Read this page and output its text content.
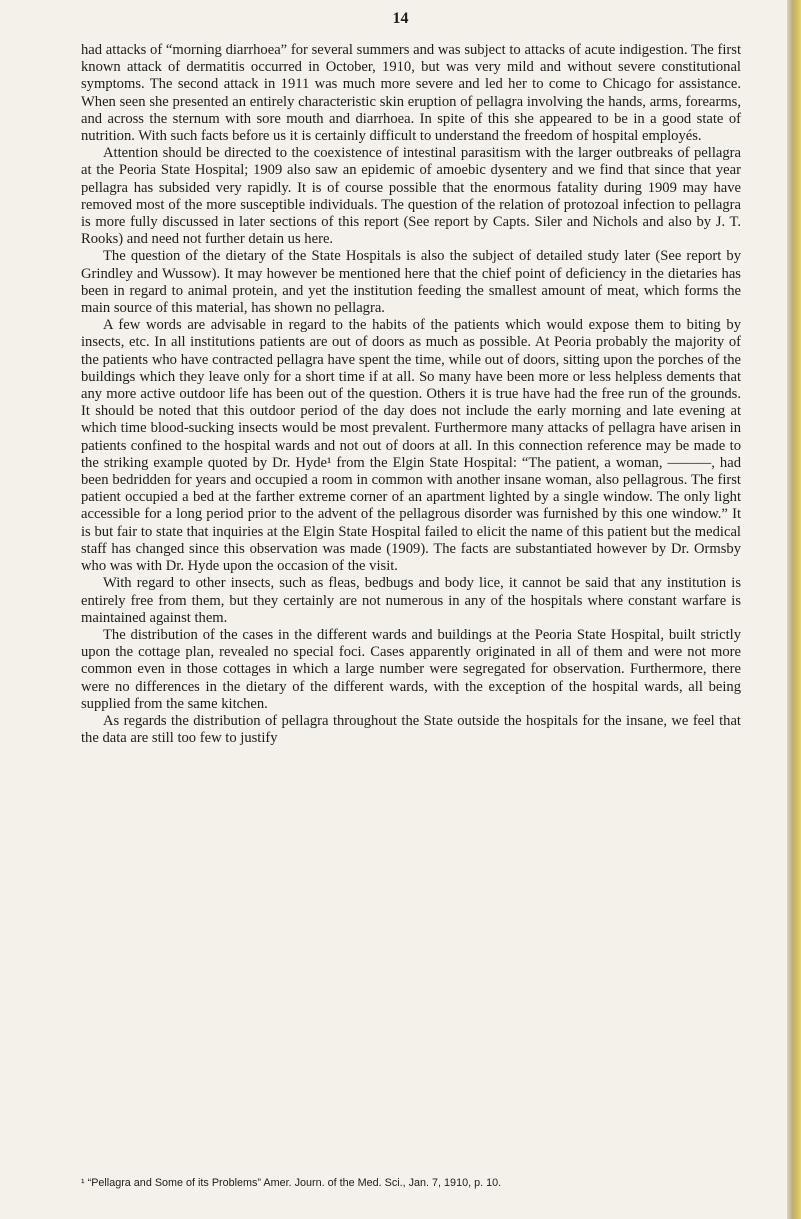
14

had attacks of “morning diarrhoea” for several summers and was subject to attacks of acute indigestion. The first known attack of dermatitis occurred in October, 1910, but was very mild and without severe constitutional symptoms. The second attack in 1911 was much more severe and led her to come to Chicago for assistance. When seen she presented an entirely characteristic skin eruption of pellagra involving the hands, arms, forearms, and across the sternum with sore mouth and diarrhoea. In spite of this she appeared to be in a good state of nutrition. With such facts before us it is certainly difficult to understand the freedom of hospital employés.

Attention should be directed to the coexistence of intestinal parasitism with the larger outbreaks of pellagra at the Peoria State Hospital; 1909 also saw an epidemic of amoebic dysentery and we find that since that year pellagra has subsided very rapidly. It is of course possible that the enormous fatality during 1909 may have removed most of the more susceptible individuals. The question of the relation of protozoal infection to pellagra is more fully discussed in later sections of this report (See report by Capts. Siler and Nichols and also by J. T. Rooks) and need not further detain us here.

The question of the dietary of the State Hospitals is also the subject of detailed study later (See report by Grindley and Wussow). It may however be mentioned here that the chief point of deficiency in the dietaries has been in regard to animal protein, and yet the institution feeding the smallest amount of meat, which forms the main source of this material, has shown no pellagra.

A few words are advisable in regard to the habits of the patients which would expose them to biting by insects, etc. In all institutions patients are out of doors as much as possible. At Peoria probably the majority of the patients who have contracted pellagra have spent the time, while out of doors, sitting upon the porches of the buildings which they leave only for a short time if at all. So many have been more or less helpless dements that any more active outdoor life has been out of the question. Others it is true have had the free run of the grounds. It should be noted that this outdoor period of the day does not include the early morning and late evening at which time blood-sucking insects would be most prevalent. Furthermore many attacks of pellagra have arisen in patients confined to the hospital wards and not out of doors at all. In this connection reference may be made to the striking example quoted by Dr. Hyde¹ from the Elgin State Hospital: “The patient, a woman, ———, had been bedridden for years and occupied a room in common with another insane woman, also pellagrous. The first patient occupied a bed at the farther extreme corner of an apartment lighted by a single window. The only light accessible for a long period prior to the advent of the pellagrous disorder was furnished by this one window.” It is but fair to state that inquiries at the Elgin State Hospital failed to elicit the name of this patient but the medical staff has changed since this observation was made (1909). The facts are substantiated however by Dr. Ormsby who was with Dr. Hyde upon the occasion of the visit.

With regard to other insects, such as fleas, bedbugs and body lice, it cannot be said that any institution is entirely free from them, but they certainly are not numerous in any of the hospitals where constant warfare is maintained against them.

The distribution of the cases in the different wards and buildings at the Peoria State Hospital, built strictly upon the cottage plan, revealed no special foci. Cases apparently originated in all of them and were not more common even in those cottages in which a large number were segregated for observation. Furthermore, there were no differences in the dietary of the different wards, with the exception of the hospital wards, all being supplied from the same kitchen.

As regards the distribution of pellagra throughout the State outside the hospitals for the insane, we feel that the data are still too few to justify

¹ “Pellagra and Some of its Problems” Amer. Journ. of the Med. Sci., Jan. 7, 1910, p. 10.
